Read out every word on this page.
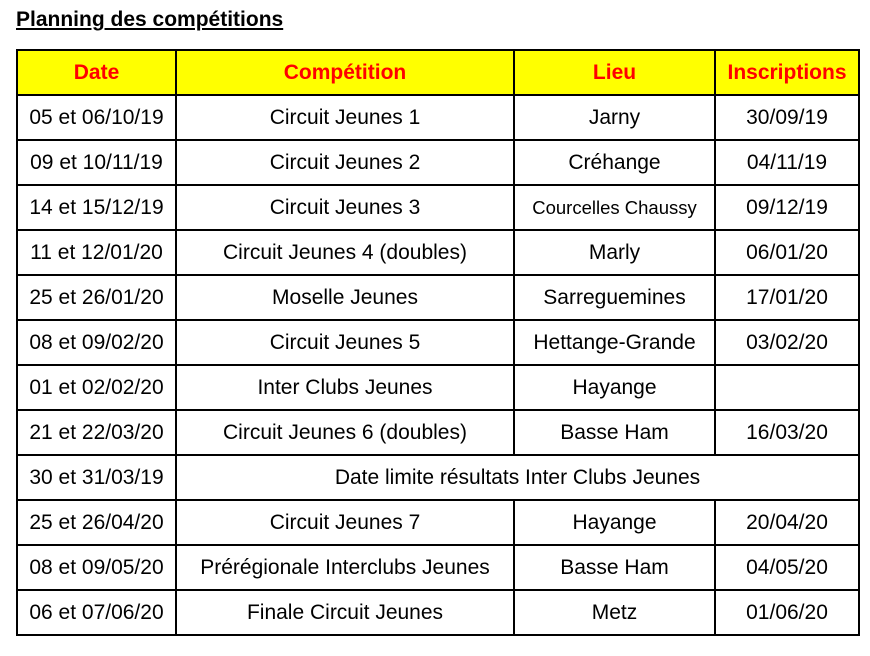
Planning des compétitions
Date	Compétition	Lieu	Inscriptions
05 et 06/10/19	Circuit Jeunes 1	Jarny	30/09/19
09 et 10/11/19	Circuit Jeunes 2	Créhange	04/11/19
14 et 15/12/19	Circuit Jeunes 3	Courcelles Chaussy	09/12/19
11 et 12/01/20	Circuit Jeunes 4 (doubles)	Marly	06/01/20
25 et 26/01/20	Moselle Jeunes	Sarreguemines	17/01/20
08 et 09/02/20	Circuit Jeunes 5	Hettange-Grande	03/02/20
01 et 02/02/20	Inter Clubs Jeunes	Hayange	
21 et 22/03/20	Circuit Jeunes 6 (doubles)	Basse Ham	16/03/20
30 et 31/03/19	Date limite résultats Inter Clubs Jeunes		
25 et 26/04/20	Circuit Jeunes 7	Hayange	20/04/20
08 et 09/05/20	Prérégionale Interclubs Jeunes	Basse Ham	04/05/20
06 et 07/06/20	Finale Circuit Jeunes	Metz	01/06/20
